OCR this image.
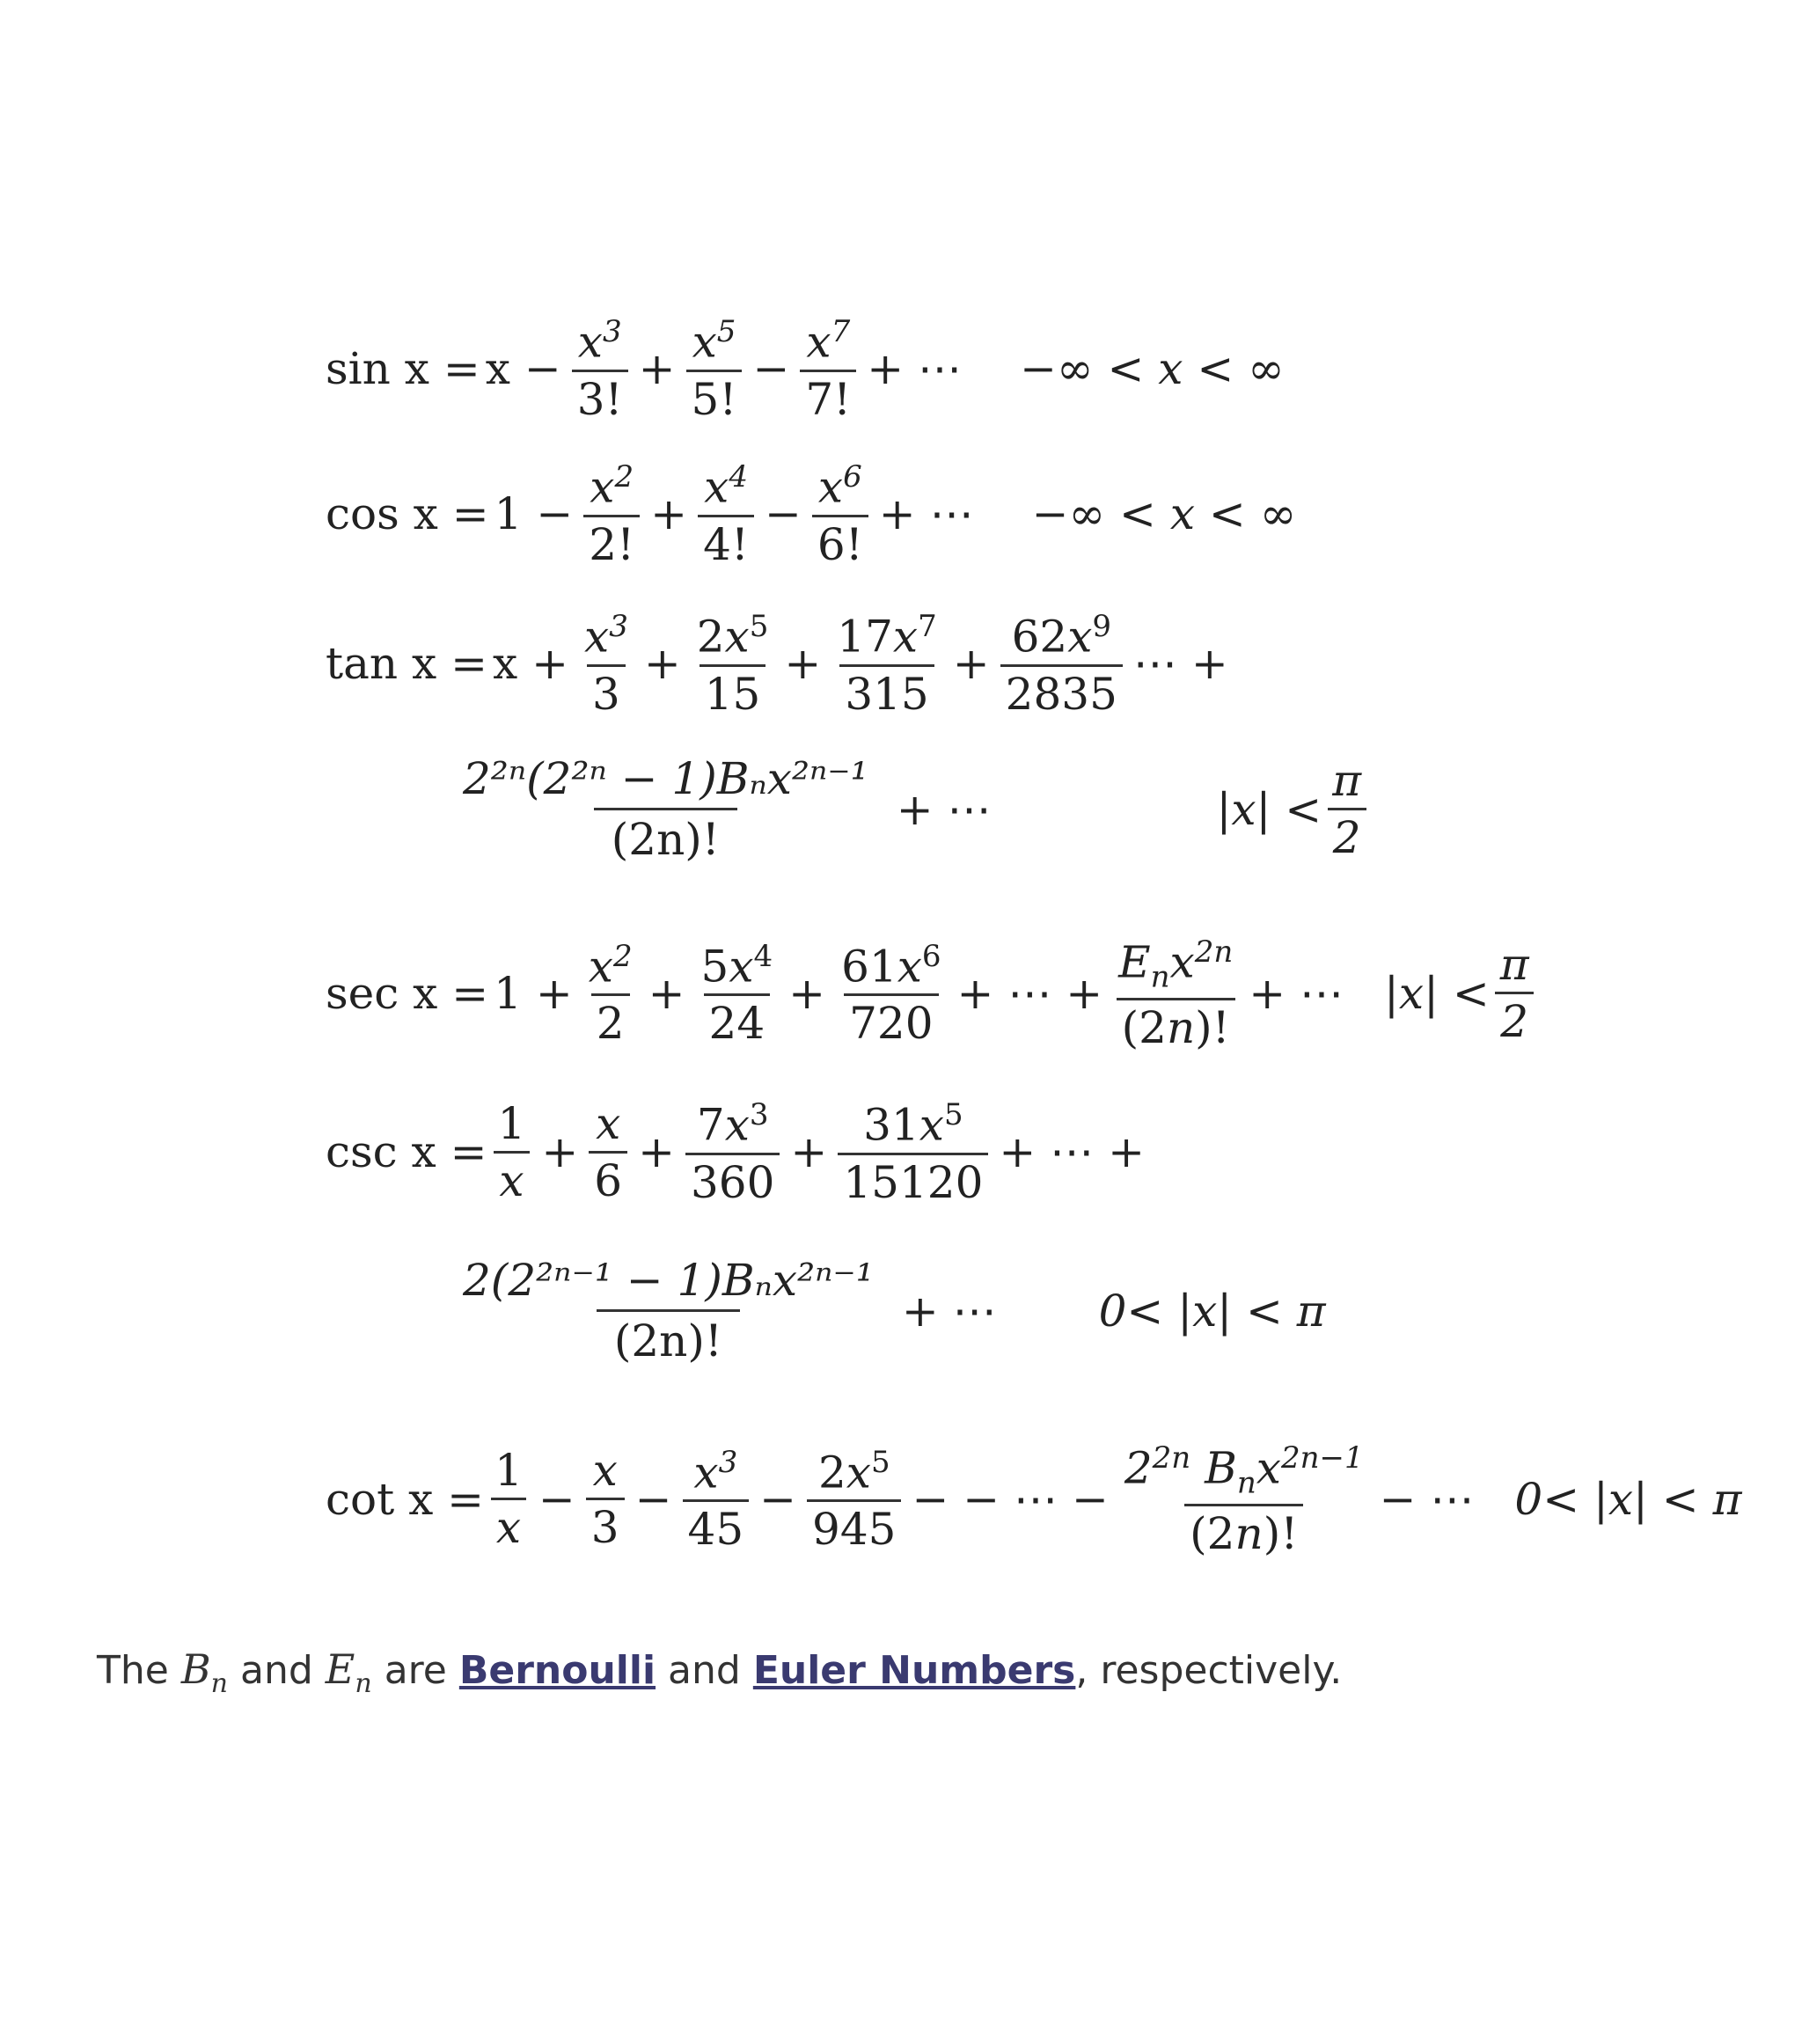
$\sin x = x - \frac{x^3}{3!} + \frac{x^5}{5!} - \frac{x^7}{7!}$ + ⋯ −∞ < x < ∞
$\cos x = 1 - \frac{x^2}{2!} + \frac{x^4}{4!} - \frac{x^6}{6!}$ + ⋯ −∞ < x < ∞
$\tan x = x + \frac{x^3}{3} + \frac{2x^5}{15} + \frac{17x^7}{315} + \frac{62x^9}{2835}$ ⋯ +
$\frac{\text{2²ⁿ(2²ⁿ − 1)Bₙx²ⁿ⁻¹}}{(2n)!}$ + ⋯	$|x| < \frac{\pi}{2}$
$\sec x = 1 + \frac{x^2}{2} + \frac{5x^4}{24} + \frac{61x^6}{720}$ + ⋯ + $\frac{E_nx^{2n}}{(2n)!}$ + ⋯ $|x| < \frac{\pi}{2}$
$\csc x = \frac{1}{x} + \frac{x}{6} + \frac{7x^3}{360} + \frac{31x^5}{15120}$ + ⋯ +
$\frac{\text{2(2²ⁿ⁻¹ − 1)Bₙx²ⁿ⁻¹}}{(2n)!}$ + ⋯ 0< |x| < π
$\cot x = \frac{1}{x} - \frac{x}{3} - \frac{x^3}{45} - \frac{2x^5}{945}$ − − ⋯ − $\frac{2^{2n} B_nx^{2n-1}}{(2n)!}$ − ⋯ 0< |x| < π
The $B_n$ and $E_n$ are Bernoulli and Euler Numbers, respectively.
